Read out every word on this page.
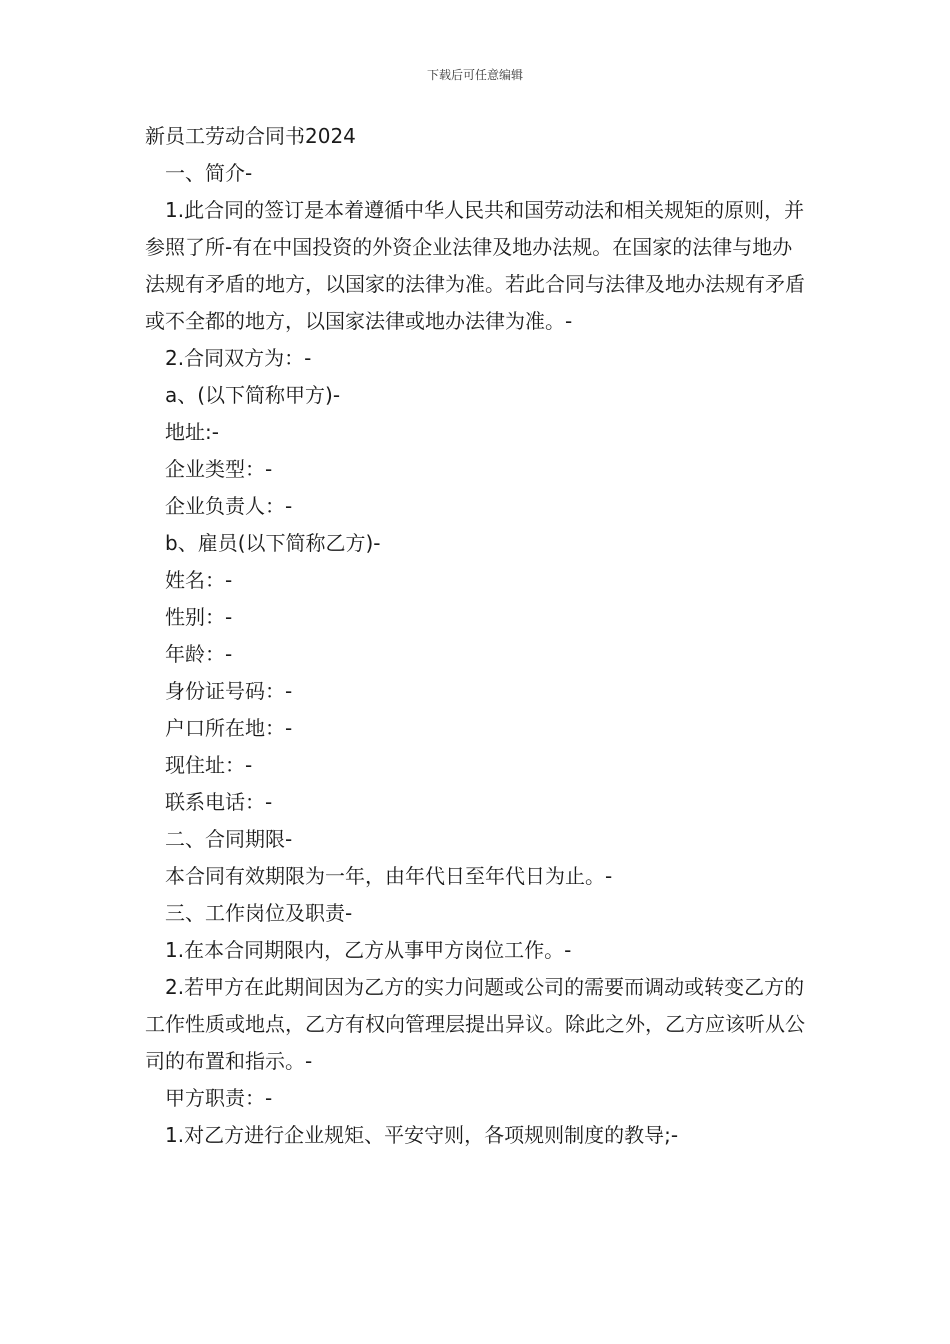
下载后可任意编辑
新员工劳动合同书2024

一、简介-

1.此合同的签订是本着遵循中华人民共和国劳动法和相关规矩的原则，并参照了所-有在中国投资的外资企业法律及地办法规。在国家的法律与地办法规有矛盾的地方，以国家的法律为准。若此合同与法律及地办法规有矛盾或不全都的地方，以国家法律或地办法律为准。-

2.合同双方为：-

a、(以下简称甲方)-

地址:-

企业类型：-

企业负责人：-

b、雇员(以下简称乙方)-

姓名：-

性别：-

年龄：-

身份证号码：-

户口所在地：-

现住址：-

联系电话：-

二、合同期限-

本合同有效期限为一年，由年代日至年代日为止。-

三、工作岗位及职责-

1.在本合同期限内，乙方从事甲方岗位工作。-

2.若甲方在此期间因为乙方的实力问题或公司的需要而调动或转变乙方的工作性质或地点，乙方有权向管理层提出异议。除此之外，乙方应该听从公司的布置和指示。-

甲方职责：-

1.对乙方进行企业规矩、平安守则，各项规则制度的教导;-
